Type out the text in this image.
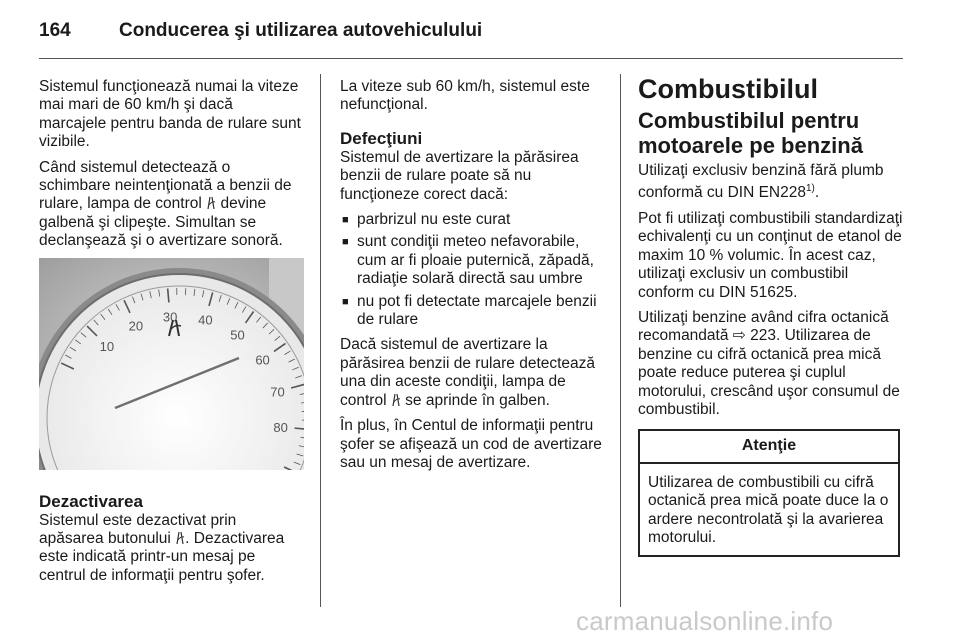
164	Conducerea şi utilizarea autovehiculului

Sistemul funcţionează numai la viteze mai mari de 60 km/h şi dacă marcajele pentru banda de rulare sunt vizibile.

Când sistemul detectează o schimbare neintenţionată a benzii de rulare, lampa de control devine galbenă şi clipeşte. Simultan se declanşează şi o avertizare sonoră.

10
20
30 40
50
60
70
80
Dezactivarea

Sistemul este dezactivat prin apăsarea butonului . Dezactivarea este indicată printr-un mesaj pe centrul de informaţii pentru şofer.

La viteze sub 60 km/h, sistemul este nefuncţional.

Defecţiuni

Sistemul de avertizare la părăsirea benzii de rulare poate să nu funcţioneze corect dacă:

■ parbrizul nu este curat
■ sunt condiţii meteo nefavorabile, cum ar fi ploaie puternică, zăpadă, radiaţie solară directă sau umbre
■ nu pot fi detectate marcajele benzii de rulare

Dacă sistemul de avertizare la părăsirea benzii de rulare detectează una din aceste condiţii, lampa de control se aprinde în galben.

În plus, în Centul de informaţii pentru şofer se afişează un cod de avertizare sau un mesaj de avertizare.

Combustibilul
Combustibilul pentru motoarele pe benzină

Utilizaţi exclusiv benzină fără plumb conformă cu DIN EN228$^{1)}$.

Pot fi utilizaţi combustibili standardizaţi echivalenţi cu un conţinut de etanol de maxim 10 % volumic. În acest caz, utilizaţi exclusiv un combustibil conform cu DIN 51625.

Utilizaţi benzine având cifra octanică recomandată ⇨ 223. Utilizarea de benzine cu cifră octanică prea mică poate reduce puterea şi cuplul motorului, crescând uşor consumul de combustibil.

Atenţie
Utilizarea de combustibili cu cifră octanică prea mică poate duce la o ardere necontrolată şi la avarierea motorului.
carmanualsonline.info
